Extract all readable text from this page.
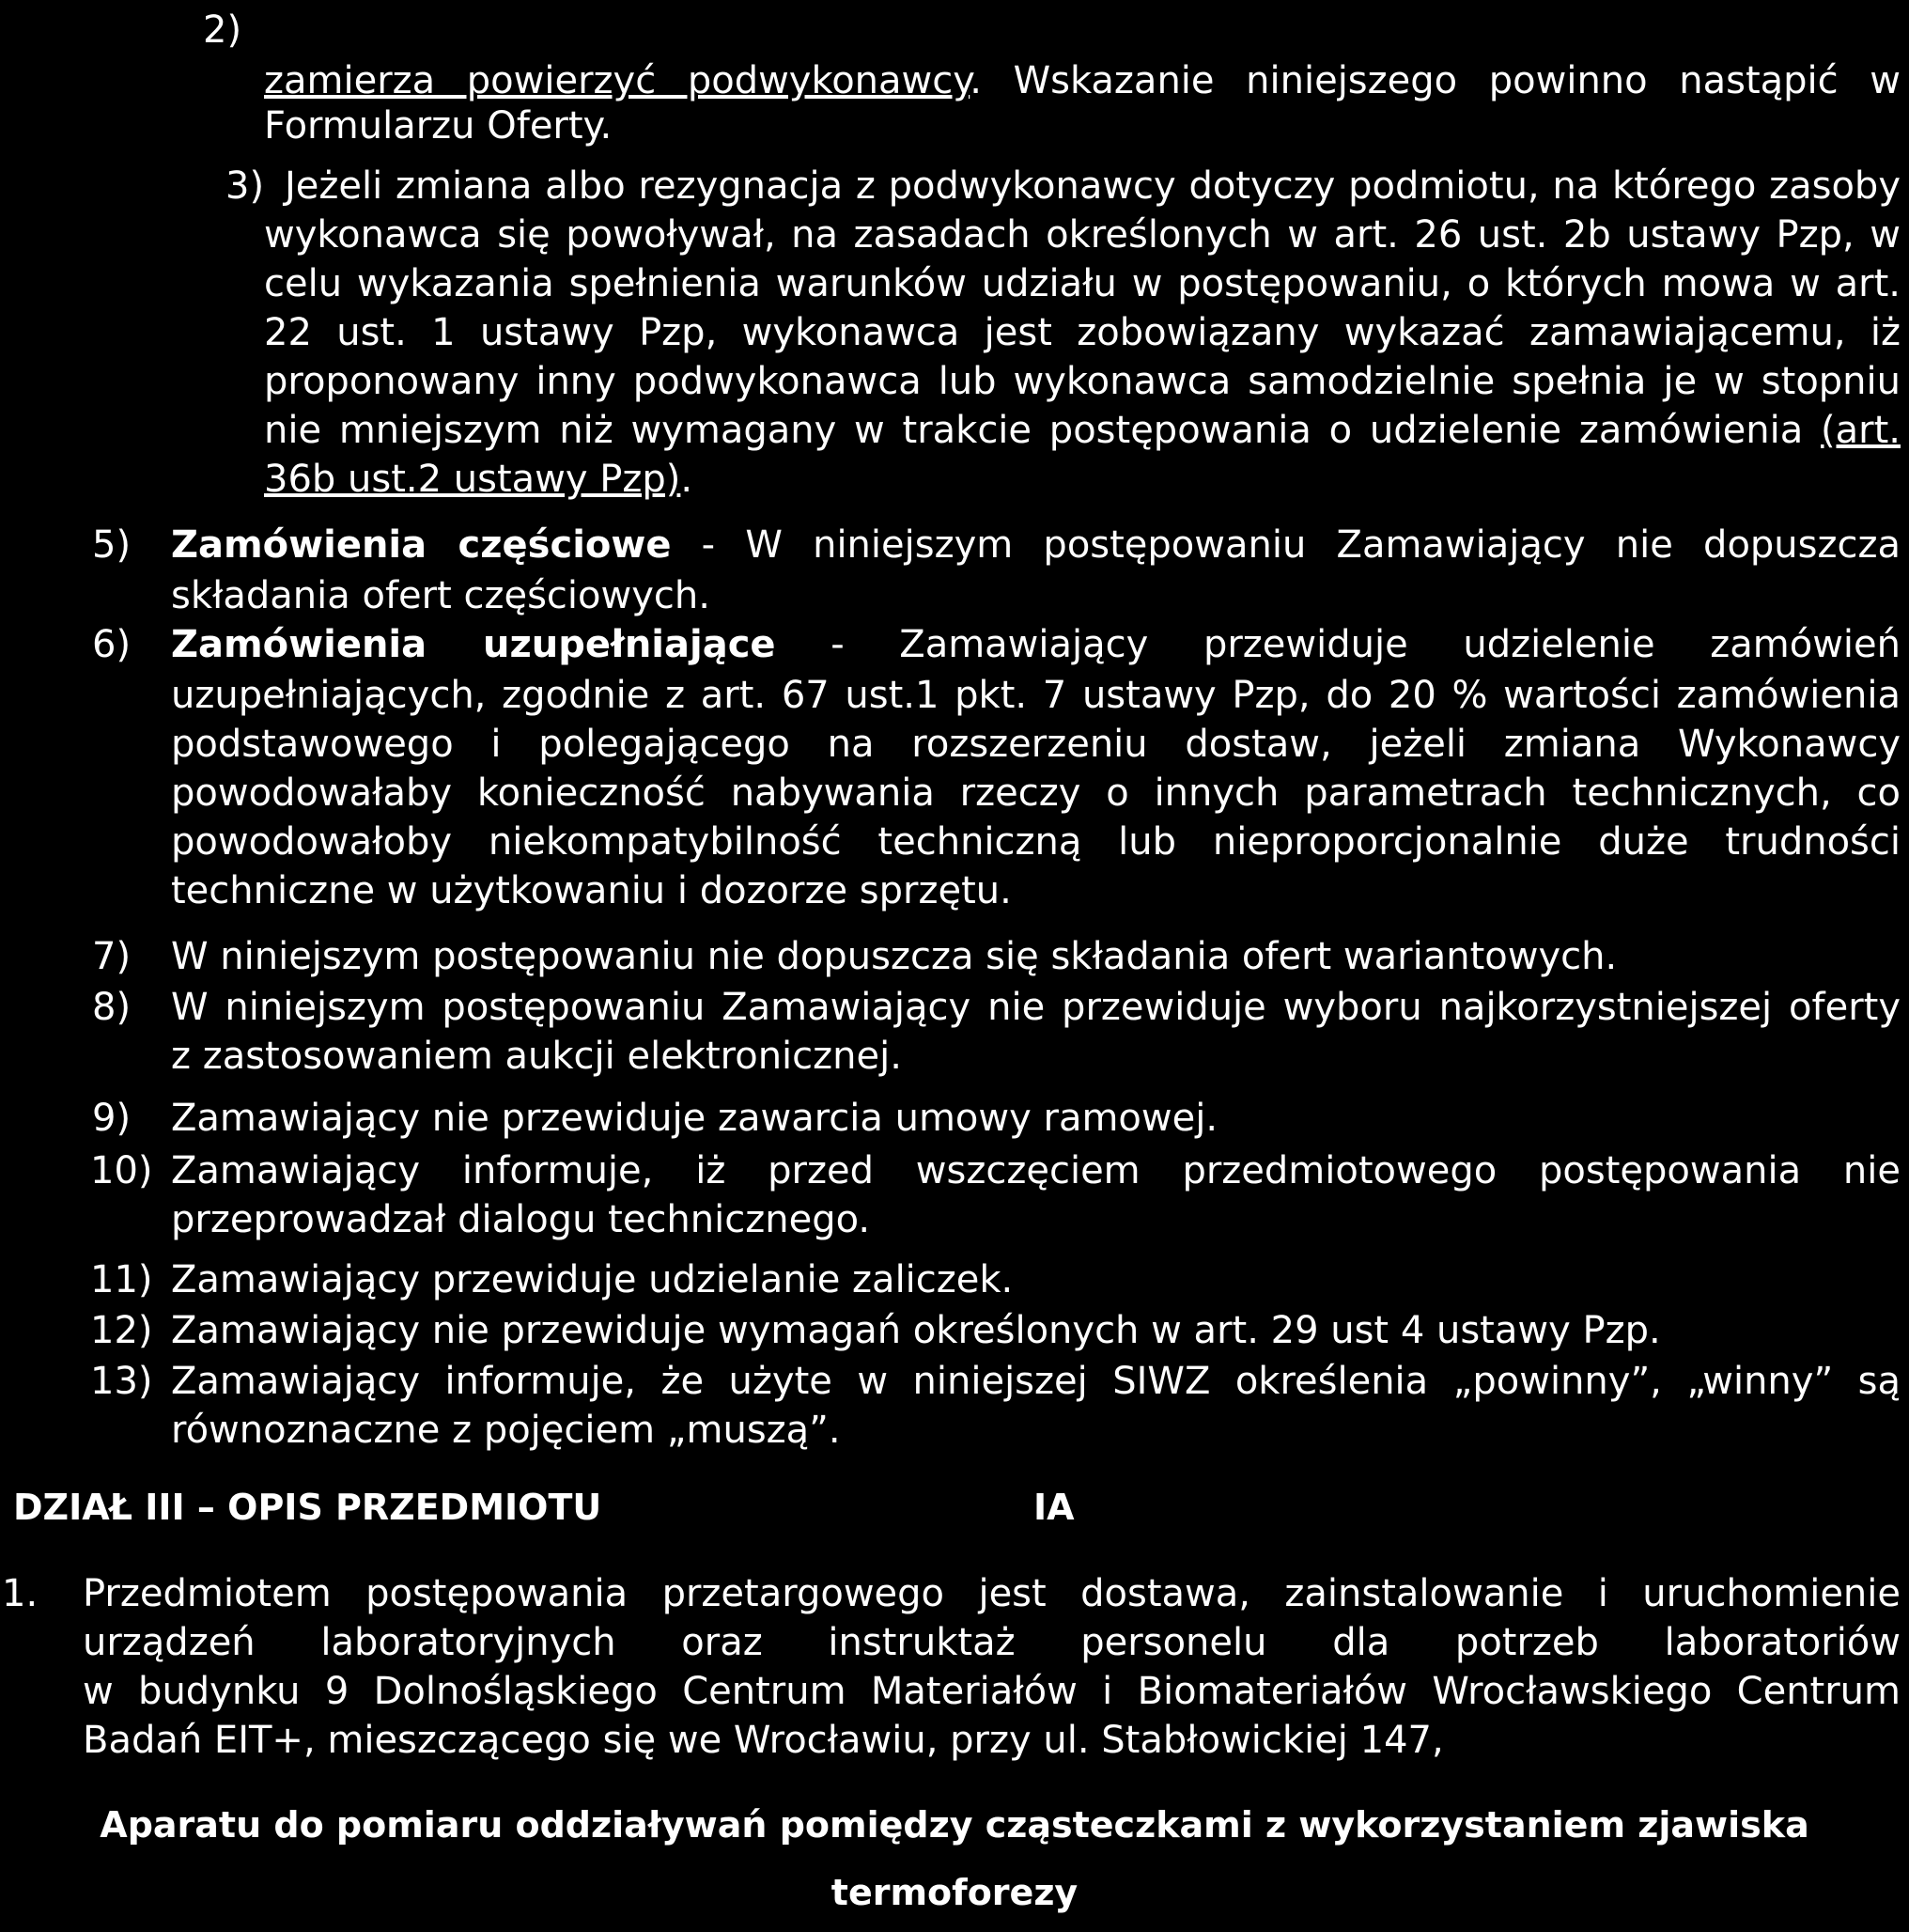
2)
zamierza powierzyć podwykonawcy. Wskazanie niniejszego powinno nastąpić w
Formularzu Oferty.
3) Jeżeli zmiana albo rezygnacja z podwykonawcy dotyczy podmiotu, na którego zasoby
wykonawca się powoływał, na zasadach określonych w art. 26 ust. 2b ustawy Pzp, w
celu wykazania spełnienia warunków udziału w postępowaniu, o których mowa w art.
22 ust. 1 ustawy Pzp, wykonawca jest zobowiązany wykazać zamawiającemu, iż
proponowany inny podwykonawca lub wykonawca samodzielnie spełnia je w stopniu
nie mniejszym niż wymagany w trakcie postępowania o udzielenie zamówienia (art.
36b ust.2 ustawy Pzp).
5) Zamówienia częściowe - W niniejszym postępowaniu Zamawiający nie dopuszcza
składania ofert częściowych.
6) Zamówienia uzupełniające - Zamawiający przewiduje udzielenie zamówień
uzupełniających, zgodnie z art. 67 ust.1 pkt. 7 ustawy Pzp, do 20 % wartości zamówienia
podstawowego i polegającego na rozszerzeniu dostaw, jeżeli zmiana Wykonawcy
powodowałaby konieczność nabywania rzeczy o innych parametrach technicznych, co
powodowałoby niekompatybilność techniczną lub nieproporcjonalnie duże trudności
techniczne w użytkowaniu i dozorze sprzętu.
7) W niniejszym postępowaniu nie dopuszcza się składania ofert wariantowych.
8) W niniejszym postępowaniu Zamawiający nie przewiduje wyboru najkorzystniejszej oferty
z zastosowaniem aukcji elektronicznej.
9) Zamawiający nie przewiduje zawarcia umowy ramowej.
10) Zamawiający informuje, iż przed wszczęciem przedmiotowego postępowania nie
przeprowadzał dialogu technicznego.
11) Zamawiający przewiduje udzielanie zaliczek.
12) Zamawiający nie przewiduje wymagań określonych w art. 29 ust 4 ustawy Pzp.
13) Zamawiający informuje, że użyte w niniejszej SIWZ określenia „powinny”, „winny” są
równoznaczne z pojęciem „muszą”.
DZIAŁ III – OPIS PRZEDMIOTU	IA
1. Przedmiotem postępowania przetargowego jest dostawa, zainstalowanie i uruchomienie
urządzeń laboratoryjnych oraz instruktaż personelu dla potrzeb laboratoriów
w budynku 9 Dolnośląskiego Centrum Materiałów i Biomateriałów Wrocławskiego Centrum
Badań EIT+, mieszczącego się we Wrocławiu, przy ul. Stabłowickiej 147,
Aparatu do pomiaru oddziaływań pomiędzy cząsteczkami z wykorzystaniem zjawiska
termoforezy
